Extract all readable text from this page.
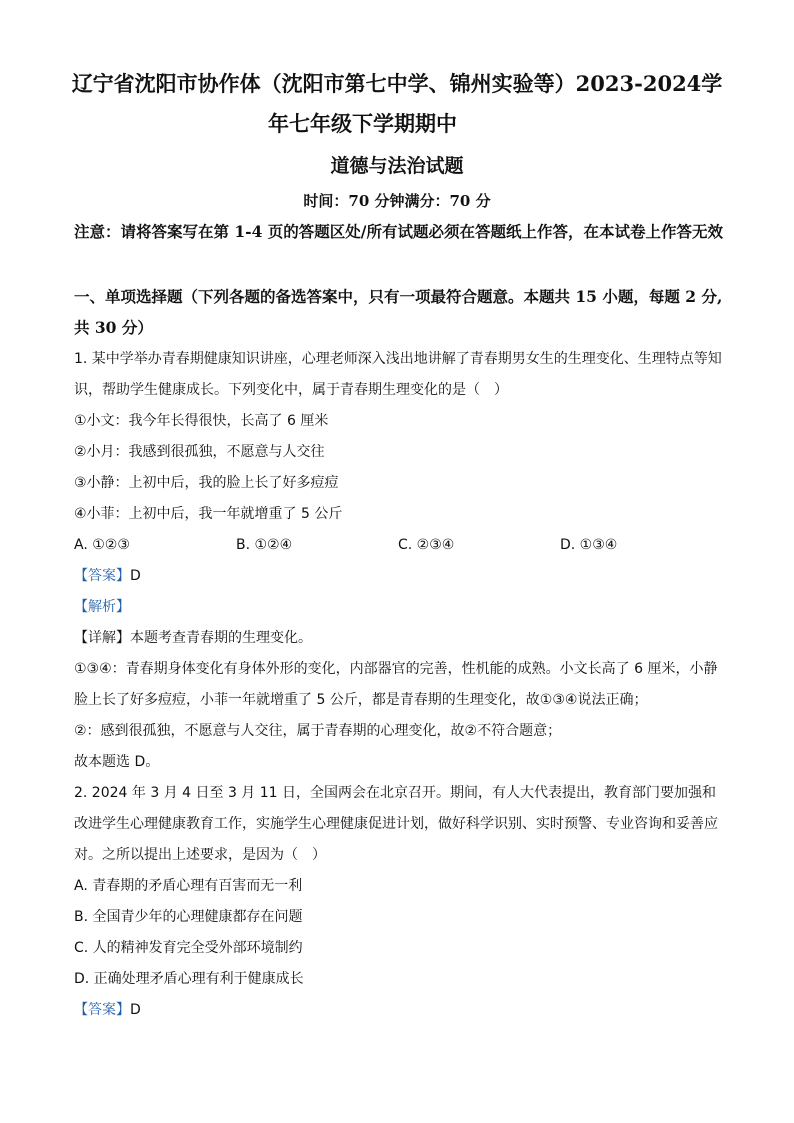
辽宁省沈阳市协作体（沈阳市第七中学、锦州实验等）2023-2024学
年七年级下学期期中
道德与法治试题
时间：70 分钟满分：70 分
注意：请将答案写在第 1-4 页的答题区处/所有试题必须在答题纸上作答，在本试卷上作答无效
一、单项选择题（下列各题的备选答案中，只有一项最符合题意。本题共 15 小题，每题 2 分,共 30 分）

1. 某中学举办青春期健康知识讲座，心理老师深入浅出地讲解了青春期男女生的生理变化、生理特点等知识，帮助学生健康成长。下列变化中，属于青春期生理变化的是（　）

①小文：我今年长得很快，长高了 6 厘米

②小月：我感到很孤独，不愿意与人交往

③小静：上初中后，我的脸上长了好多痘痘

④小菲：上初中后，我一年就增重了 5 公斤

A. ①②③	B. ①②④	C. ②③④	D. ①③④

【答案】D

【解析】

【详解】本题考查青春期的生理变化。

①③④：青春期身体变化有身体外形的变化，内部器官的完善，性机能的成熟。小文长高了 6 厘米，小静脸上长了好多痘痘，小菲一年就增重了 5 公斤，都是青春期的生理变化，故①③④说法正确；

②：感到很孤独，不愿意与人交往，属于青春期的心理变化，故②不符合题意；

故本题选 D。

2. 2024 年 3 月 4 日至 3 月 11 日，全国两会在北京召开。期间，有人大代表提出，教育部门要加强和改进学生心理健康教育工作，实施学生心理健康促进计划，做好科学识别、实时预警、专业咨询和妥善应对。之所以提出上述要求，是因为（　）

A. 青春期的矛盾心理有百害而无一利

B. 全国青少年的心理健康都存在问题

C. 人的精神发育完全受外部环境制约

D. 正确处理矛盾心理有利于健康成长

【答案】D
